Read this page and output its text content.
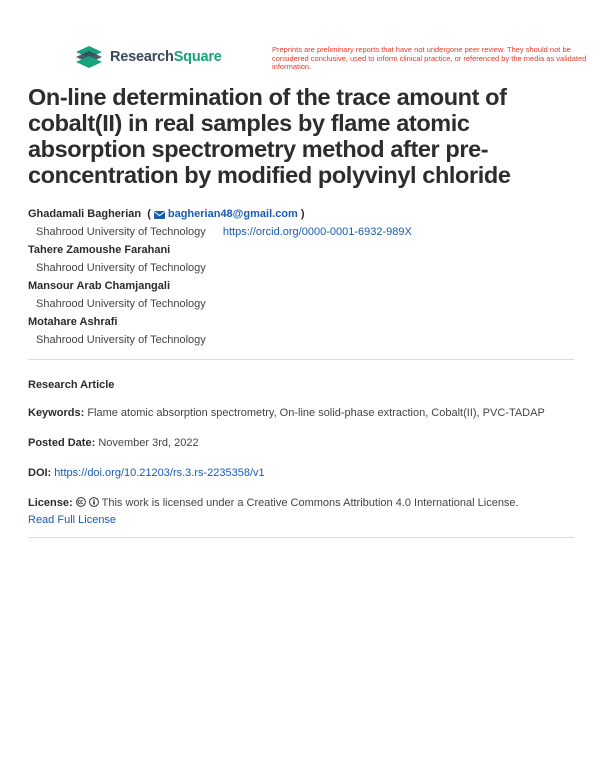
ResearchSquare	Preprints are preliminary reports that have not undergone peer review. They should not be considered conclusive, used to inform clinical practice, or referenced by the media as validated information.
On-line determination of the trace amount of cobalt(II) in real samples by flame atomic absorption spectrometry method after pre-concentration by modified polyvinyl chloride
Ghadamali Bagherian ( bagherian48@gmail.com )
Shahrood University of Technology https://orcid.org/0000-0001-6932-989X
Tahere Zamoushe Farahani
Shahrood University of Technology
Mansour Arab Chamjangali
Shahrood University of Technology
Motahare Ashrafi
Shahrood University of Technology
Research Article
Keywords: Flame atomic absorption spectrometry, On-line solid-phase extraction, Cobalt(II), PVC-TADAP
Posted Date: November 3rd, 2022
DOI: https://doi.org/10.21203/rs.3.rs-2235358/v1
License:	This work is licensed under a Creative Commons Attribution 4.0 International License.
Read Full License
